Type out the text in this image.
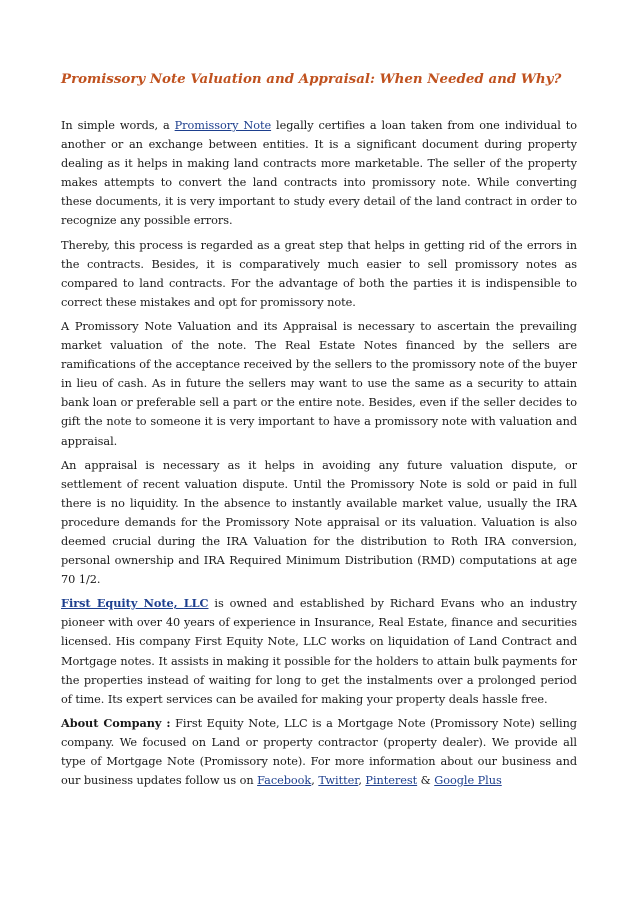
Promissory Note Valuation and Appraisal: When Needed and Why?

In simple words, a Promissory Note legally certifies a loan taken from one individual to another or an exchange between entities. It is a significant document during property dealing as it helps in making land contracts more marketable. The seller of the property makes attempts to convert the land contracts into promissory note. While converting these documents, it is very important to study every detail of the land contract in order to recognize any possible errors.

Thereby, this process is regarded as a great step that helps in getting rid of the errors in the contracts. Besides, it is comparatively much easier to sell promissory notes as compared to land contracts. For the advantage of both the parties it is indispensible to correct these mistakes and opt for promissory note.

A Promissory Note Valuation and its Appraisal is necessary to ascertain the prevailing market valuation of the note. The Real Estate Notes financed by the sellers are ramifications of the acceptance received by the sellers to the promissory note of the buyer in lieu of cash. As in future the sellers may want to use the same as a security to attain bank loan or preferable sell a part or the entire note. Besides, even if the seller decides to gift the note to someone it is very important to have a promissory note with valuation and appraisal.

An appraisal is necessary as it helps in avoiding any future valuation dispute, or settlement of recent valuation dispute. Until the Promissory Note is sold or paid in full there is no liquidity. In the absence to instantly available market value, usually the IRA procedure demands for the Promissory Note appraisal or its valuation. Valuation is also deemed crucial during the IRA Valuation for the distribution to Roth IRA conversion, personal ownership and IRA Required Minimum Distribution (RMD) computations at age 70 1/2.

First Equity Note, LLC is owned and established by Richard Evans who an industry pioneer with over 40 years of experience in Insurance, Real Estate, finance and securities licensed. His company First Equity Note, LLC works on liquidation of Land Contract and Mortgage notes. It assists in making it possible for the holders to attain bulk payments for the properties instead of waiting for long to get the instalments over a prolonged period of time. Its expert services can be availed for making your property deals hassle free.

About Company : First Equity Note, LLC is a Mortgage Note (Promissory Note) selling company. We focused on Land or property contractor (property dealer). We provide all type of Mortgage Note (Promissory note). For more information about our business and our business updates follow us on Facebook, Twitter, Pinterest & Google Plus
